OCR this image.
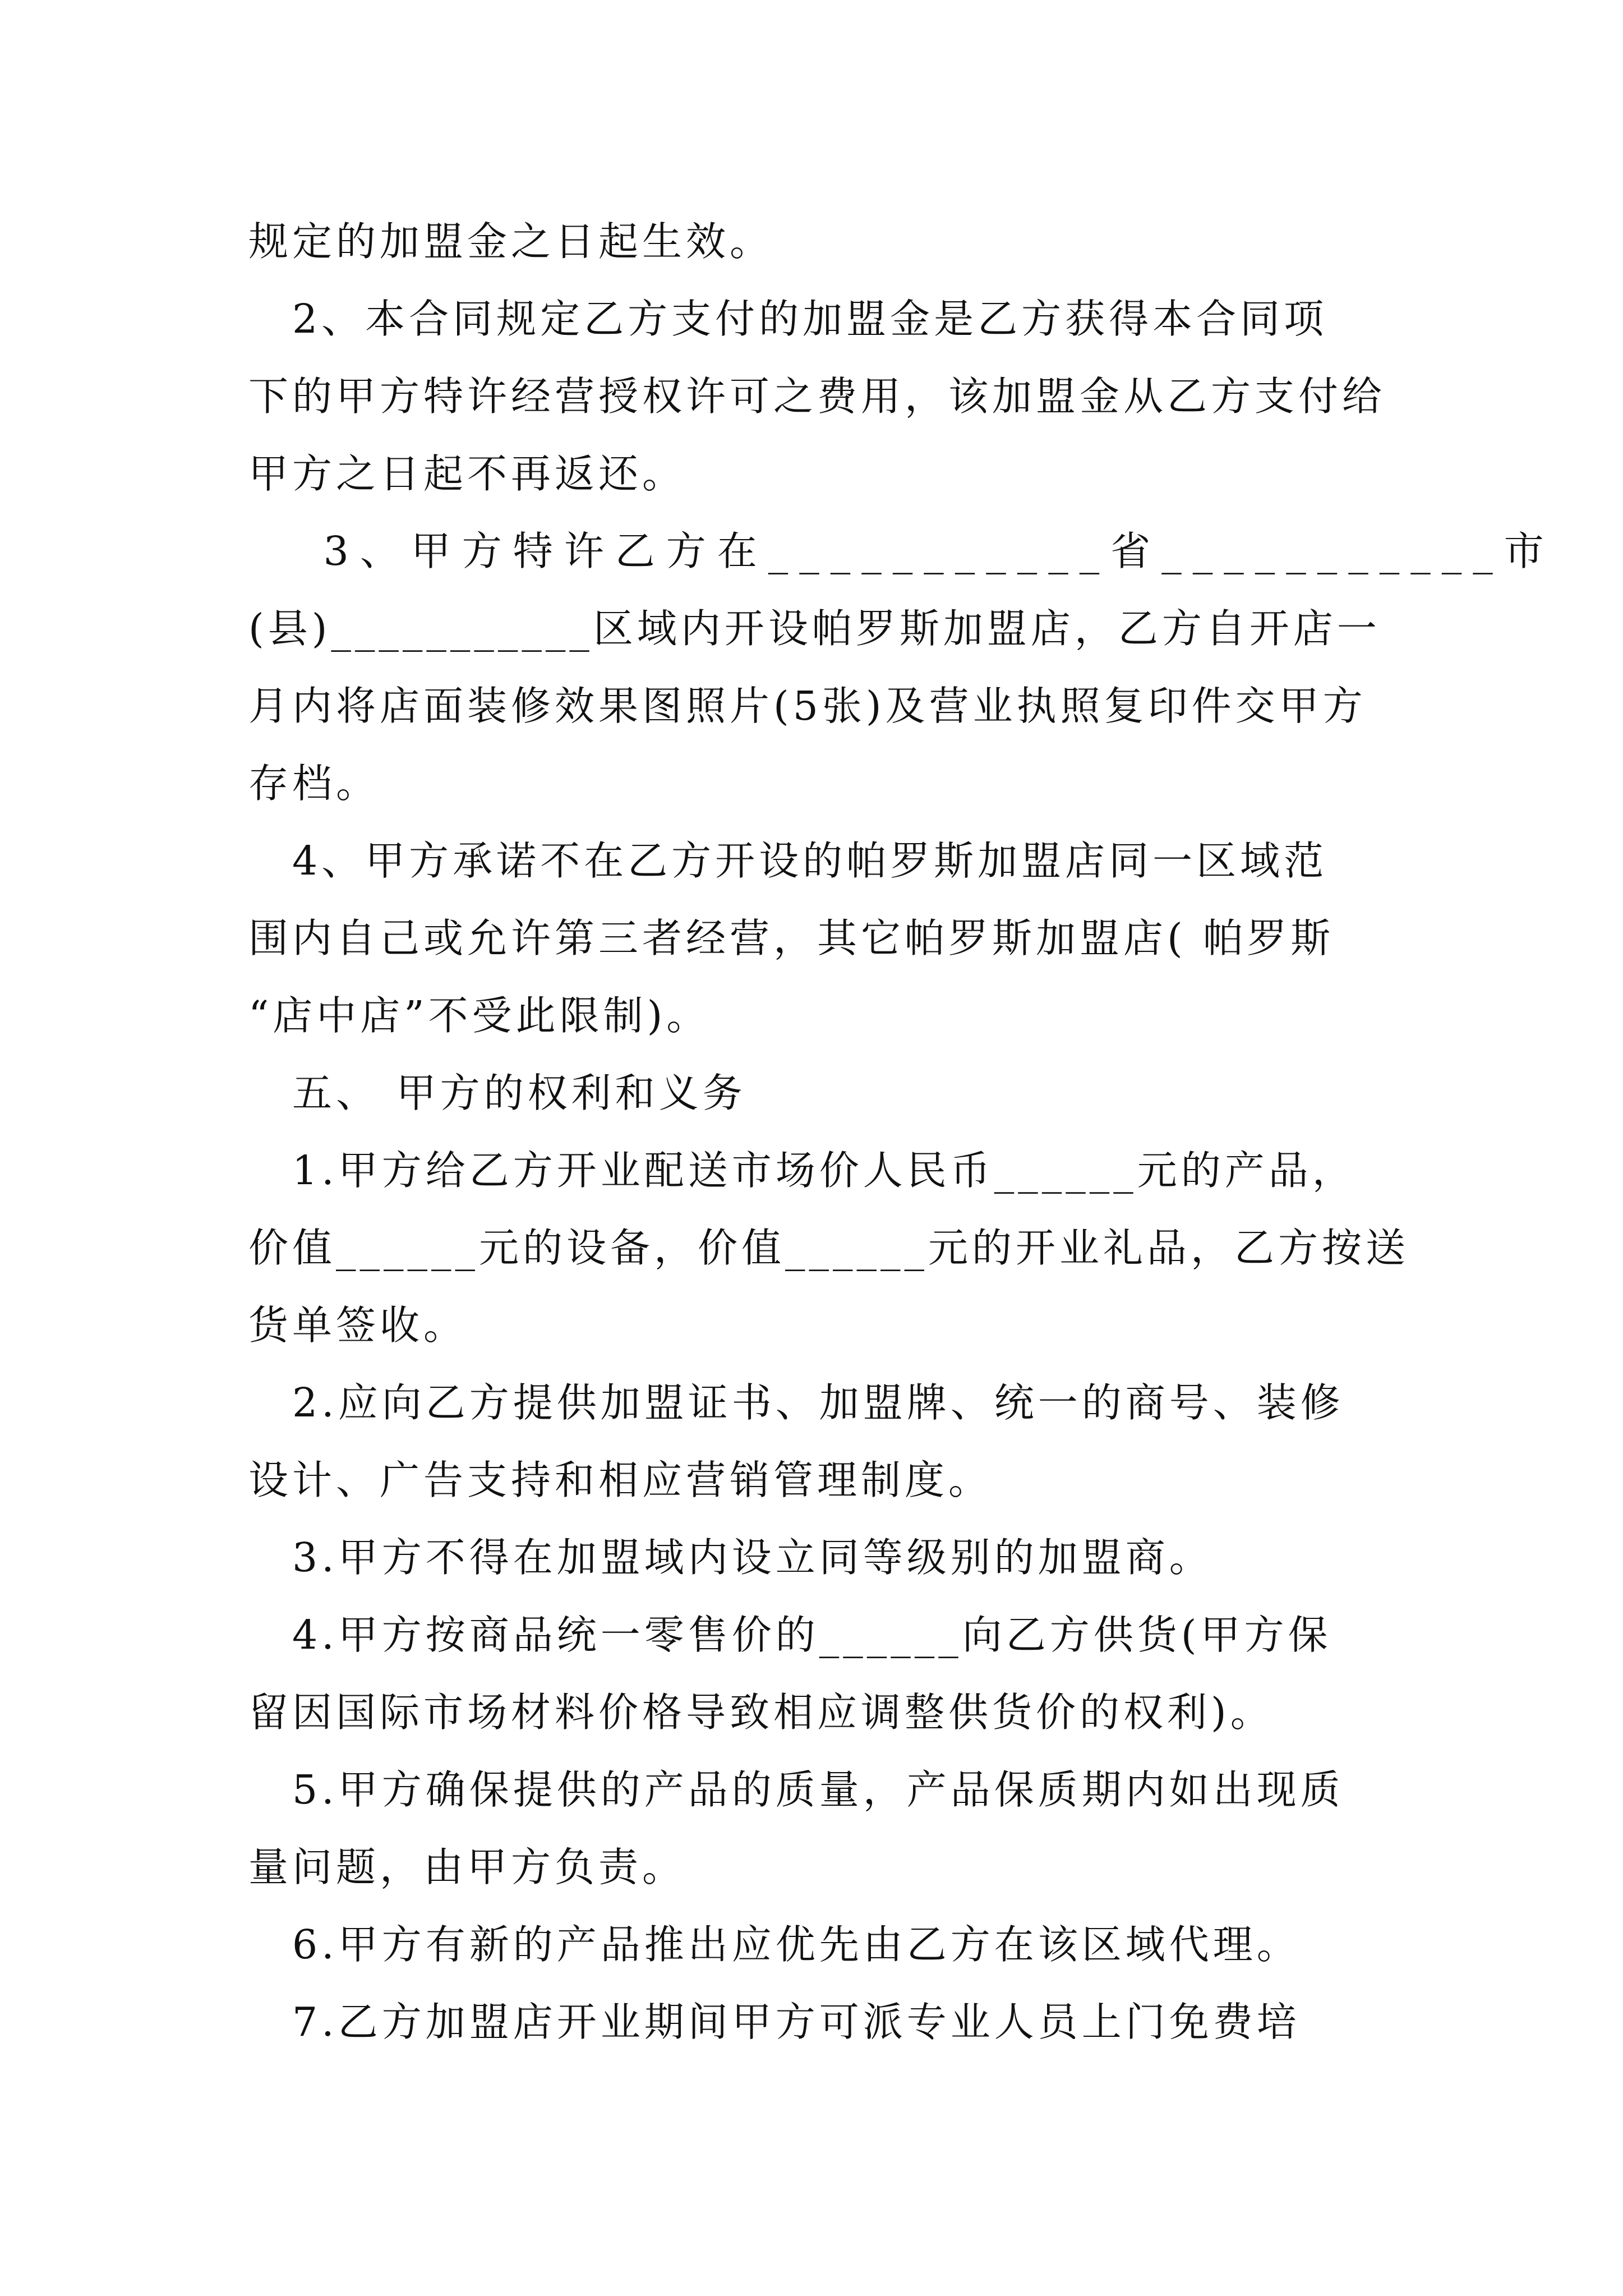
规定的加盟金之日起生效。
　2、本合同规定乙方支付的加盟金是乙方获得本合同项
下的甲方特许经营授权许可之费用，该加盟金从乙方支付给
甲方之日起不再返还。
　 3、甲方特许乙方在___________省___________市
(县)___________区域内开设帕罗斯加盟店，乙方自开店一
月内将店面装修效果图照片(5张)及营业执照复印件交甲方
存档。
　4、甲方承诺不在乙方开设的帕罗斯加盟店同一区域范
围内自己或允许第三者经营，其它帕罗斯加盟店( 帕罗斯
“店中店”不受此限制)。
　五、 甲方的权利和义务
　1.甲方给乙方开业配送市场价人民币______元的产品，
价值______元的设备，价值______元的开业礼品，乙方按送
货单签收。
　2.应向乙方提供加盟证书、加盟牌、统一的商号、装修
设计、广告支持和相应营销管理制度。
　3.甲方不得在加盟域内设立同等级别的加盟商。
　4.甲方按商品统一零售价的______向乙方供货(甲方保
留因国际市场材料价格导致相应调整供货价的权利)。
　5.甲方确保提供的产品的质量，产品保质期内如出现质
量问题，由甲方负责。
　6.甲方有新的产品推出应优先由乙方在该区域代理。
　7.乙方加盟店开业期间甲方可派专业人员上门免费培
